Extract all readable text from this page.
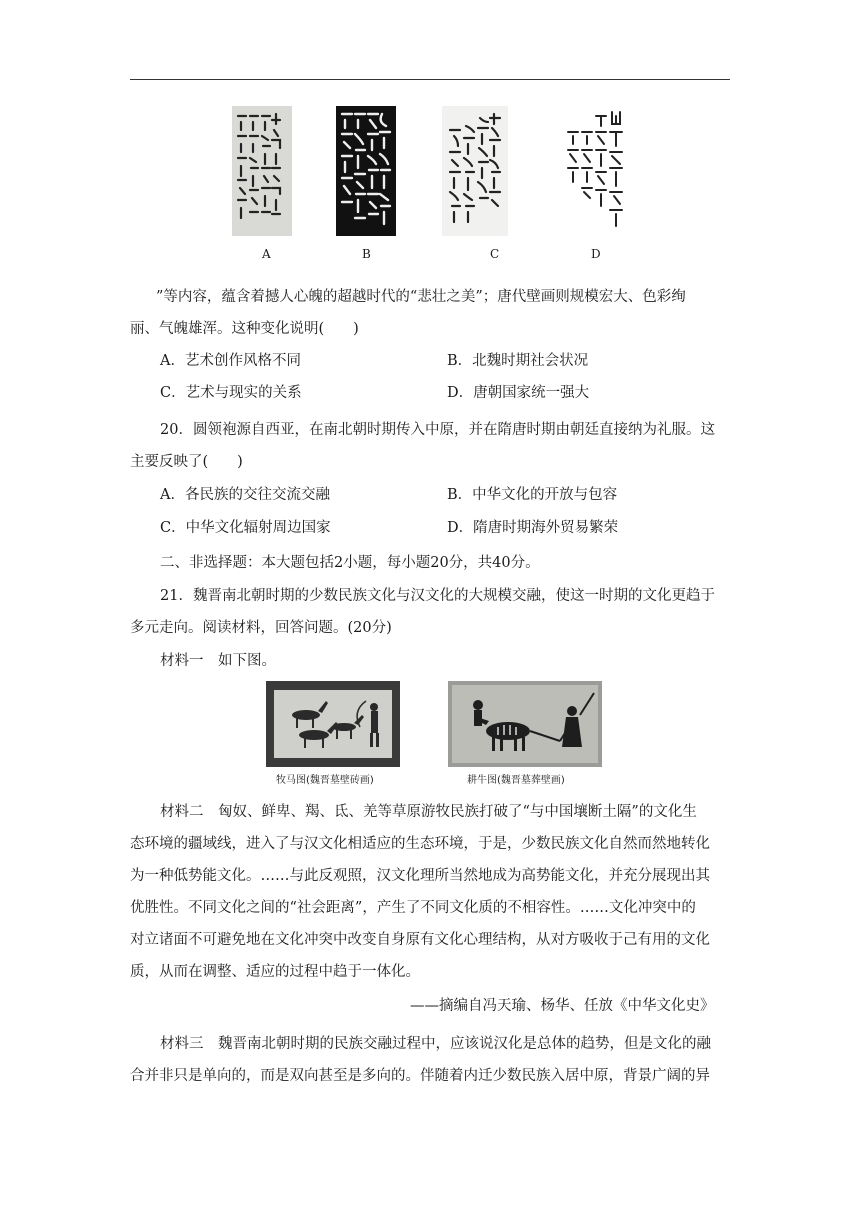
A	B	C	D
”等内容，蕴含着撼人心魄的超越时代的“悲壮之美”；唐代壁画则规模宏大、色彩绚
丽、气魄雄浑。这种变化说明(　　)
A．艺术创作风格不同	B．北魏时期社会状况
C．艺术与现实的关系	D．唐朝国家统一强大
20．圆领袍源自西亚，在南北朝时期传入中原，并在隋唐时期由朝廷直接纳为礼服。这
主要反映了(　　)
A．各民族的交往交流交融	B．中华文化的开放与包容
C．中华文化辐射周边国家	D．隋唐时期海外贸易繁荣
二、非选择题：本大题包括2小题，每小题20分，共40分。
21．魏晋南北朝时期的少数民族文化与汉文化的大规模交融，使这一时期的文化更趋于
多元走向。阅读材料，回答问题。(20分)
材料一　如下图。
牧马图(魏晋墓壁砖画)	耕牛图(魏晋墓葬壁画)
材料二　匈奴、鲜卑、羯、氐、羌等草原游牧民族打破了“与中国壤断土隔”的文化生
态环境的疆域线，进入了与汉文化相适应的生态环境，于是，少数民族文化自然而然地转化
为一种低势能文化。……与此反观照，汉文化理所当然地成为高势能文化，并充分展现出其
优胜性。不同文化之间的“社会距离”，产生了不同文化质的不相容性。……文化冲突中的
对立诸面不可避免地在文化冲突中改变自身原有文化心理结构，从对方吸收于己有用的文化
质，从而在调整、适应的过程中趋于一体化。
——摘编自冯天瑜、杨华、任放《中华文化史》
材料三　魏晋南北朝时期的民族交融过程中，应该说汉化是总体的趋势，但是文化的融
合并非只是单向的，而是双向甚至是多向的。伴随着内迁少数民族入居中原，背景广阔的异
